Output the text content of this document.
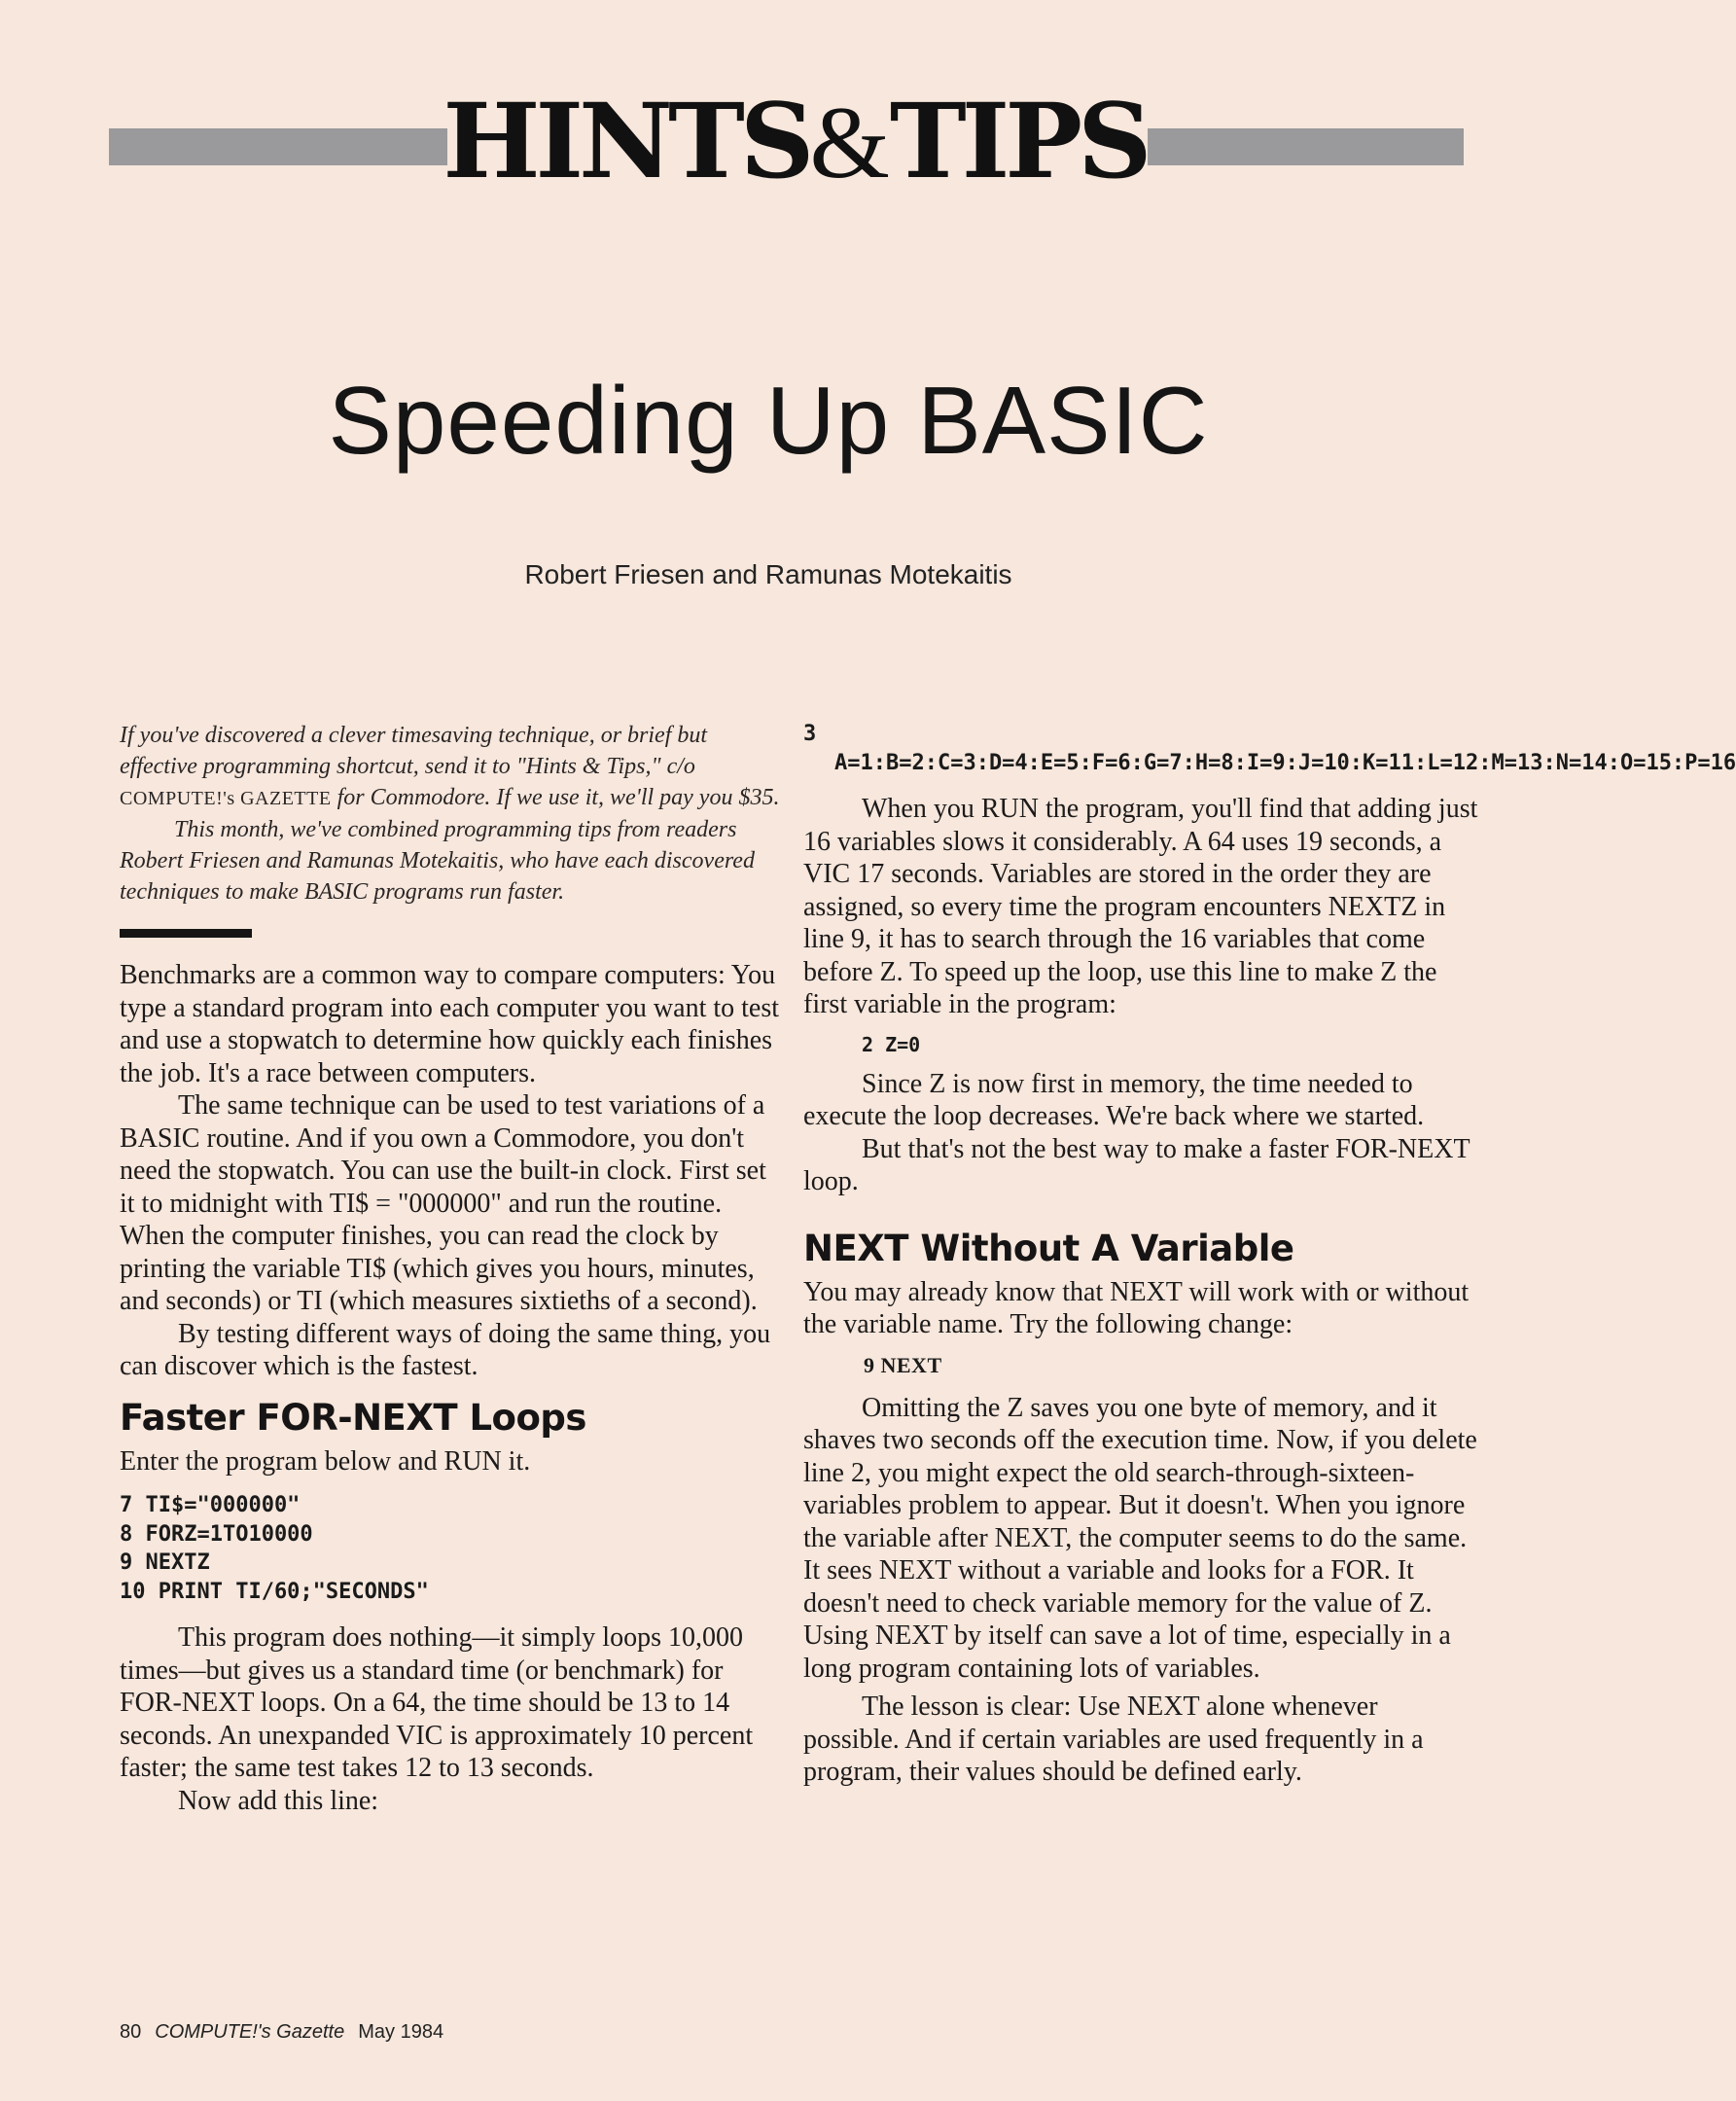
HINTS&TIPS
Speeding Up BASIC
Robert Friesen and Ramunas Motekaitis

If you've discovered a clever timesaving technique, or brief but effective programming shortcut, send it to "Hints & Tips," c/o COMPUTE!'s GAZETTE for Commodore. If we use it, we'll pay you $35.

This month, we've combined programming tips from readers Robert Friesen and Ramunas Motekaitis, who have each discovered techniques to make BASIC programs run faster.

Benchmarks are a common way to compare computers: You type a standard program into each computer you want to test and use a stopwatch to determine how quickly each finishes the job. It's a race between computers.

The same technique can be used to test variations of a BASIC routine. And if you own a Commodore, you don't need the stopwatch. You can use the built-in clock. First set it to midnight with TI$ = "000000" and run the routine. When the computer finishes, you can read the clock by printing the variable TI$ (which gives you hours, minutes, and seconds) or TI (which measures sixtieths of a second).

By testing different ways of doing the same thing, you can discover which is the fastest.

Faster FOR-NEXT Loops

Enter the program below and RUN it.

7 TI$="000000"
8 FORZ=1TO10000
9 NEXTZ
10 PRINT TI/60;"SECONDS"

This program does nothing—it simply loops 10,000 times—but gives us a standard time (or benchmark) for FOR-NEXT loops. On a 64, the time should be 13 to 14 seconds. An unexpanded VIC is approximately 10 percent faster; the same test takes 12 to 13 seconds.

Now add this line:

3 A=1:B=2:C=3:D=4:E=5:F=6:G=7:H=8:I=9:J=10:K=11:L=12:M=13:N=14:O=15:P=16

When you RUN the program, you'll find that adding just 16 variables slows it considerably. A 64 uses 19 seconds, a VIC 17 seconds. Variables are stored in the order they are assigned, so every time the program encounters NEXTZ in line 9, it has to search through the 16 variables that come before Z. To speed up the loop, use this line to make Z the first variable in the program:

2 Z=0

Since Z is now first in memory, the time needed to execute the loop decreases. We're back where we started.

But that's not the best way to make a faster FOR-NEXT loop.

NEXT Without A Variable

You may already know that NEXT will work with or without the variable name. Try the following change:

9 NEXT

Omitting the Z saves you one byte of memory, and it shaves two seconds off the execution time. Now, if you delete line 2, you might expect the old search-through-sixteen-variables problem to appear. But it doesn't. When you ignore the variable after NEXT, the computer seems to do the same. It sees NEXT without a variable and looks for a FOR. It doesn't need to check variable memory for the value of Z. Using NEXT by itself can save a lot of time, especially in a long program containing lots of variables.

The lesson is clear: Use NEXT alone whenever possible. And if certain variables are used frequently in a program, their values should be defined early.

80 COMPUTE!'s Gazette May 1984
